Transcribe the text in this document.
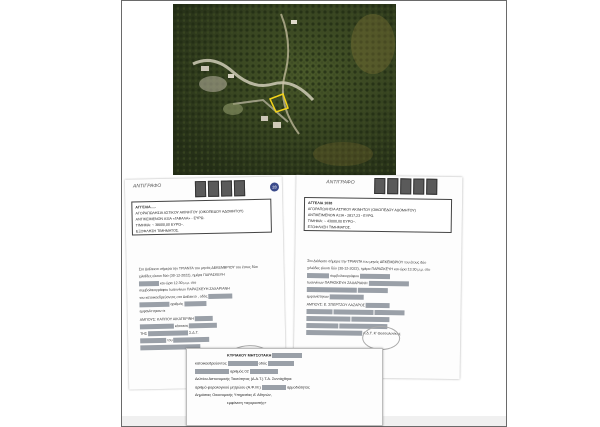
ΑΝΤΙΓΡΑΦΟ	28
ΑΓΓΕΛΙΑ.....
ΑΓΟΡΑΠΩΛΗΣΙΑ ΑΣΤΙΚΟΥ ΑΚΙΝΗΤΟΥ (ΟΙΚΟΠΕΔΟΥ ΑΔΟΜΗΤΟΥ)
ΑΝΤΙΚΕΙΜΕΝΟΝ ΑΞΙΑ «ΓΑΒΑΛΑ» - ΕΥΡΩ.
ΤΙΜΗΜΑ: ~ 38000,00 ΕΥΡΩ~.
ΕΞΟΦΛΗΣΗ ΤΙΜΗΜΑΤΟΣ.
Στο Διάλεκτο σήμερα την ΤΡΙΑΝΤΑ του μηνός ΔΕΚΕΜΒΡΙΟΥ του έτους δύο
χιλιάδες είκοσι δύο (30-12-2022), ημέρα ΠΑΡΑΣΚΕΥΗ
και ώρα 12.30 μ.μ. στο
συμβολαιογράφου Ιωαννίνων ΠΑΡΑΣΚΕΥΗ ΖΑΧΑΡΙΑΝΗ
του κατοικοεδρεύοντος στο Διάλεκτο , οδός
αριθμός
εμφανίστηκαν οι
ΑΜΠΟΥΣ: ΚΑΠΠΟΥ ΑΙΚΑΤΕΡΙΝΗ
κάτοικος
ΤΗΣ	Σ.Δ.Τ.
του
ΑΝΤΙΓΡΑΦΟ
ΑΓΓΕΛΙΑ 1038
ΑΓΟΡΑΠΩΛΗΣΙΑ ΑΣΤΙΚΟΥ ΑΚΙΝΗΤΟΥ (ΟΙΚΟΠΕΔΟΥ ΑΔΟΜΗΤΟΥ)
ΑΝΤΙΚΕΙΜΕΝΟΝ ΑΞΙΑ - 2817,23 - ΕΥΡΩ.
ΤΙΜΗΜΑ: ~ 43000,00 ΕΥΡΩ~.
ΕΞΟΦΛΗΣΗ ΤΙΜΗΜΑΤΟΣ.
Στο Διάλεκτο σήμερα την ΤΡΙΑΝΤΑ του μηνός ΔΕΚΕΜΒΡΙΟΥ του έτους δύο
χιλιάδες είκοσι δύο (30-12-2022), ημέρα ΠΑΡΑΣΚΕΥΗ και ώρα 13.30 μ.μ. στο
συμβολαιογράφου
Ιωαννίνων ΠΑΡΑΣΚΕΥΗ ΖΑΧΑΡΙΑΝΗ

εμφανίστηκαν
ΑΜΠΟΥΣ: Ε. ΣΠΕΡΤΖΟΥ ΛΑΖΑΡΟΣ

Α.Δ.Τ. Κ' Θεσσαλονίκης
ΚΥΡΙΑΚΟΥ ΜΗΤΣΟΤΑΚΗ
κατοικοεδρεύοντος	οδός
αριθμός 02
Δελτίου Αστυνομικής Ταυτότητας (Δ.Α.Τ.) Τ.Α. Συντάχθηκε
αριθμό φορολογικού μητρώου (Α.Φ.Μ.)	αρμοδιότητας
Δημόσιας Οικονομικής Υπηρεσίας Α' Αθηνών,
εμφάνιση «αγοραστής»
